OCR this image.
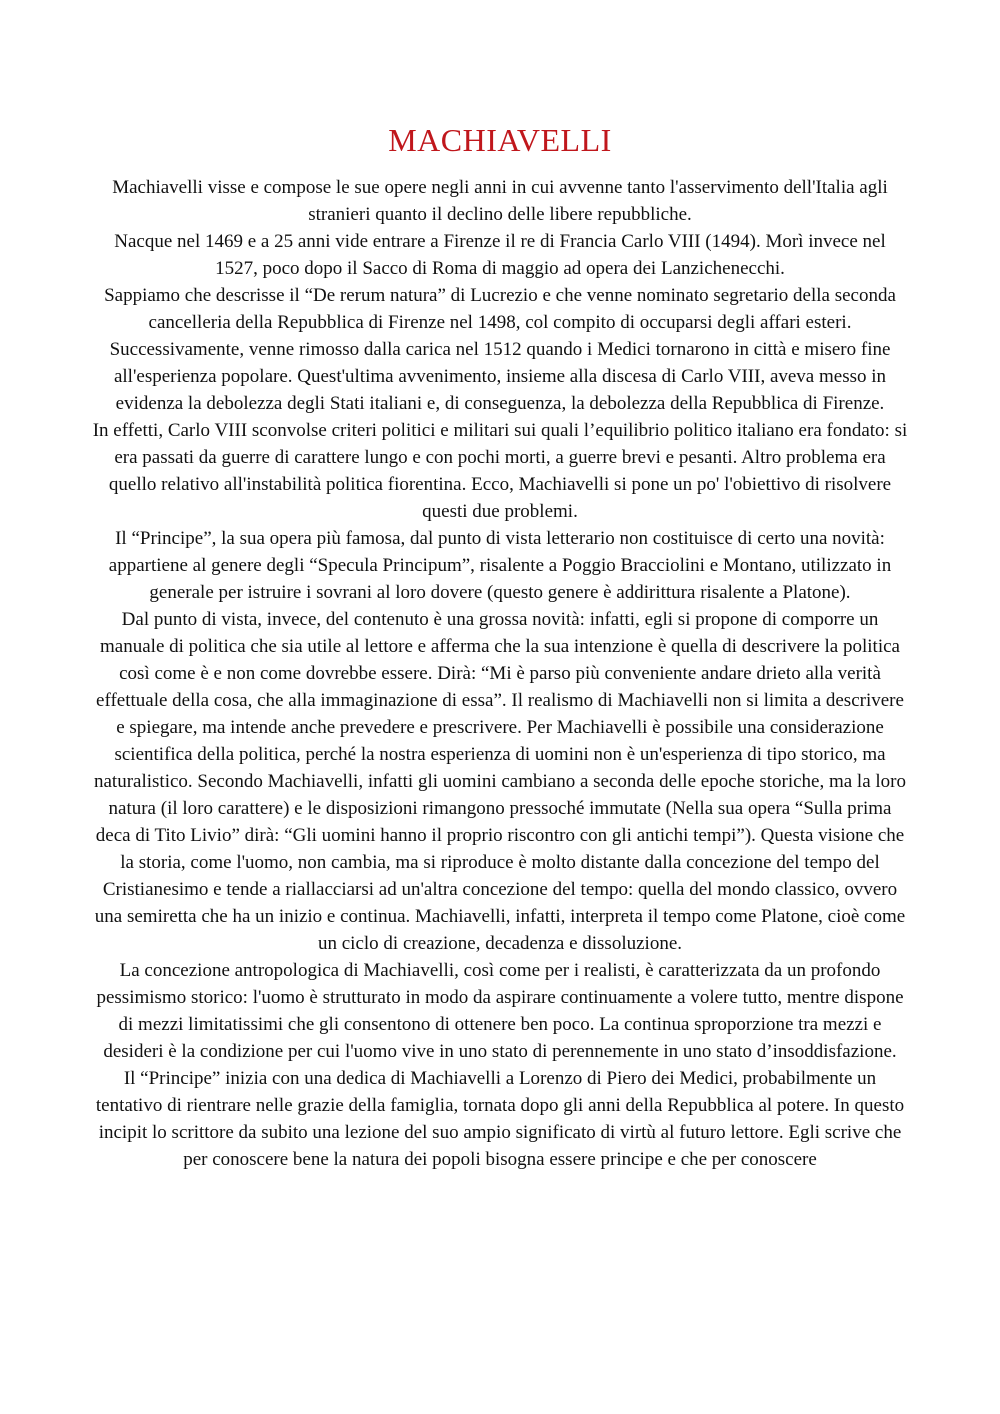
MACHIAVELLI

Machiavelli visse e compose le sue opere negli anni in cui avvenne tanto l'asservimento dell'Italia agli stranieri quanto il declino delle libere repubbliche.

Nacque nel 1469 e a 25 anni vide entrare a Firenze il re di Francia Carlo VIII (1494). Morì invece nel 1527, poco dopo il Sacco di Roma di maggio ad opera dei Lanzichenecchi.

Sappiamo che descrisse il “De rerum natura” di Lucrezio e che venne nominato segretario della seconda cancelleria della Repubblica di Firenze nel 1498, col compito di occuparsi degli affari esteri.

Successivamente, venne rimosso dalla carica nel 1512 quando i Medici tornarono in città e misero fine all'esperienza popolare. Quest'ultima avvenimento, insieme alla discesa di Carlo VIII, aveva messo in evidenza la debolezza degli Stati italiani e, di conseguenza, la debolezza della Repubblica di Firenze.

In effetti, Carlo VIII sconvolse criteri politici e militari sui quali l’equilibrio politico italiano era fondato: si era passati da guerre di carattere lungo e con pochi morti, a guerre brevi e pesanti. Altro problema era quello relativo all'instabilità politica fiorentina. Ecco, Machiavelli si pone un po' l'obiettivo di risolvere questi due problemi.

Il “Principe”, la sua opera più famosa, dal punto di vista letterario non costituisce di certo una novità: appartiene al genere degli “Specula Principum”, risalente a Poggio Bracciolini e Montano, utilizzato in generale per istruire i sovrani al loro dovere (questo genere è addirittura risalente a Platone).

Dal punto di vista, invece, del contenuto è una grossa novità: infatti, egli si propone di comporre un manuale di politica che sia utile al lettore e afferma che la sua intenzione è quella di descrivere la politica così come è e non come dovrebbe essere. Dirà: “Mi è parso più conveniente andare drieto alla verità effettuale della cosa, che alla immaginazione di essa”. Il realismo di Machiavelli non si limita a descrivere e spiegare, ma intende anche prevedere e prescrivere. Per Machiavelli è possibile una considerazione scientifica della politica, perché la nostra esperienza di uomini non è un'esperienza di tipo storico, ma naturalistico. Secondo Machiavelli, infatti gli uomini cambiano a seconda delle epoche storiche, ma la loro natura (il loro carattere) e le disposizioni rimangono pressoché immutate (Nella sua opera “Sulla prima deca di Tito Livio” dirà: “Gli uomini hanno il proprio riscontro con gli antichi tempi”). Questa visione che la storia, come l'uomo, non cambia, ma si riproduce è molto distante dalla concezione del tempo del Cristianesimo e tende a riallacciarsi ad un'altra concezione del tempo: quella del mondo classico, ovvero una semiretta che ha un inizio e continua. Machiavelli, infatti, interpreta il tempo come Platone, cioè come un ciclo di creazione, decadenza e dissoluzione.

La concezione antropologica di Machiavelli, così come per i realisti, è caratterizzata da un profondo pessimismo storico: l'uomo è strutturato in modo da aspirare continuamente a volere tutto, mentre dispone di mezzi limitatissimi che gli consentono di ottenere ben poco. La continua sproporzione tra mezzi e desideri è la condizione per cui l'uomo vive in uno stato di perennemente in uno stato d’insoddisfazione.

Il “Principe” inizia con una dedica di Machiavelli a Lorenzo di Piero dei Medici, probabilmente un tentativo di rientrare nelle grazie della famiglia, tornata dopo gli anni della Repubblica al potere. In questo incipit lo scrittore da subito una lezione del suo ampio significato di virtù al futuro lettore. Egli scrive che per conoscere bene la natura dei popoli bisogna essere principe e che per conoscere
